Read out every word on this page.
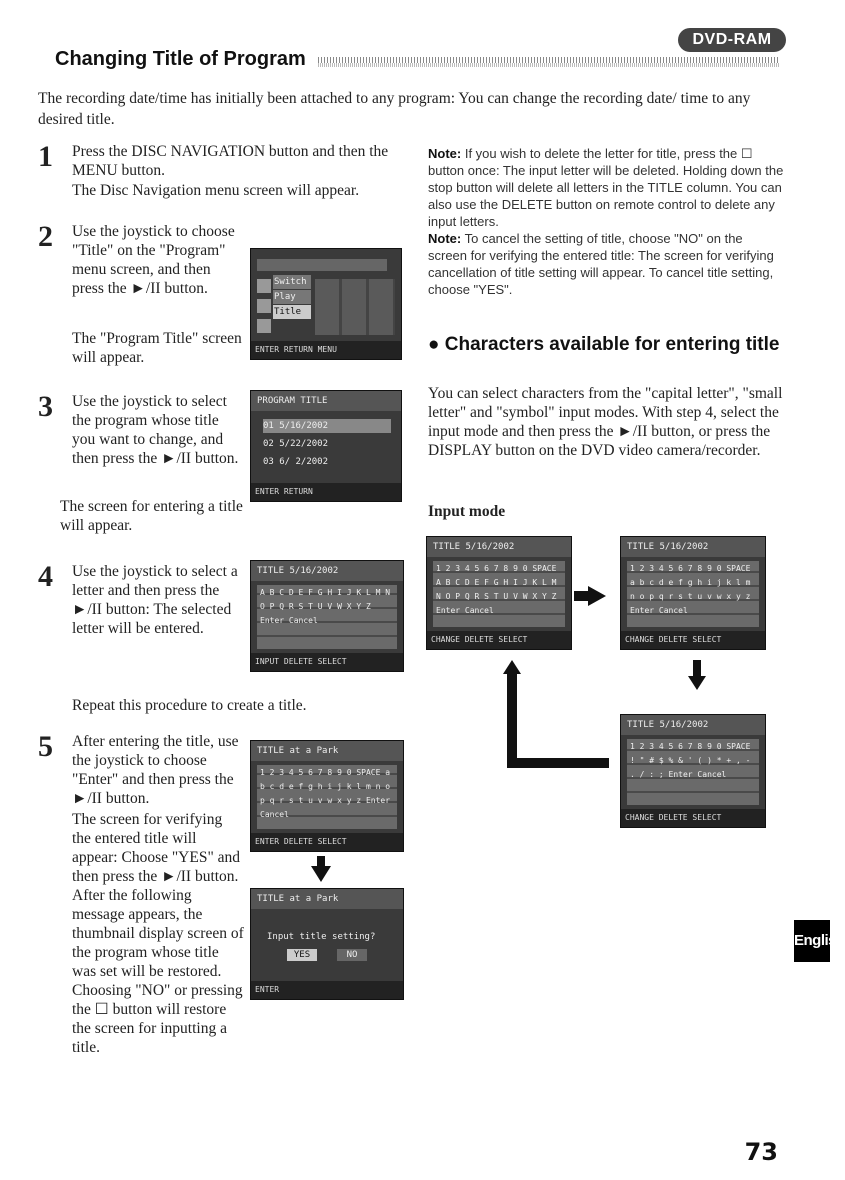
Changing Title of Program
DVD-RAM
The recording date/time has initially been attached to any program: You can change the recording date/ time to any desired title.
1 Press the DISC NAVIGATION button and then the MENU button.
The Disc Navigation menu screen will appear.
2 Use the joystick to choose "Title" on the "Program" menu screen, and then press the ►/II button.
The "Program Title" screen will appear.
Switch
Play
Title
ENTER RETURN MENU
3 Use the joystick to select the program whose title you want to change, and then press the ►/II button.
The screen for entering a title will appear.
PROGRAM TITLE
01 5/16/2002
02 5/22/2002
03 6/ 2/2002
ENTER RETURN
4 Use the joystick to select a letter and then press the ►/II button: The selected letter will be entered.
TITLE 5/16/2002
A B C D E F G H I J K L M N O P Q R S T U V W X Y Z Enter Cancel
INPUT DELETE SELECT
Repeat this procedure to create a title.
5 After entering the title, use the joystick to choose "Enter" and then press the ►/II button.
The screen for verifying the entered title will appear: Choose "YES" and then press the ►/II button. After the following message appears, the thumbnail display screen of the program whose title was set will be restored. Choosing "NO" or pressing the ☐ button will restore the screen for inputting a title.
TITLE at a Park
1 2 3 4 5 6 7 8 9 0 SPACE a b c d e f g h i j k l m n o p q r s t u v w x y z Enter Cancel
ENTER DELETE SELECT
TITLE at a Park
Input title setting?
YES	NO
ENTER
Note: If you wish to delete the letter for title, press the ☐ button once: The input letter will be deleted. Holding down the stop button will delete all letters in the TITLE column. You can also use the DELETE button on remote control to delete any input letters.
Note: To cancel the setting of title, choose "NO" on the screen for verifying the entered title: The screen for verifying cancellation of title setting will appear. To cancel title setting, choose "YES".
● Characters available for entering title
You can select characters from the "capital letter", "small letter" and "symbol" input modes. With step 4, select the input mode and then press the ►/II button, or press the DISPLAY button on the DVD video camera/recorder.
Input mode
TITLE 5/16/2002
1 2 3 4 5 6 7 8 9 0 SPACE A B C D E F G H I J K L M N O P Q R S T U V W X Y Z Enter Cancel
CHANGE DELETE SELECT
TITLE 5/16/2002
1 2 3 4 5 6 7 8 9 0 SPACE a b c d e f g h i j k l m n o p q r s t u v w x y z Enter Cancel
CHANGE DELETE SELECT
TITLE 5/16/2002
1 2 3 4 5 6 7 8 9 0 SPACE ! " # $ % & ' ( ) * + , - . / : ; Enter Cancel
CHANGE DELETE SELECT
English
73
